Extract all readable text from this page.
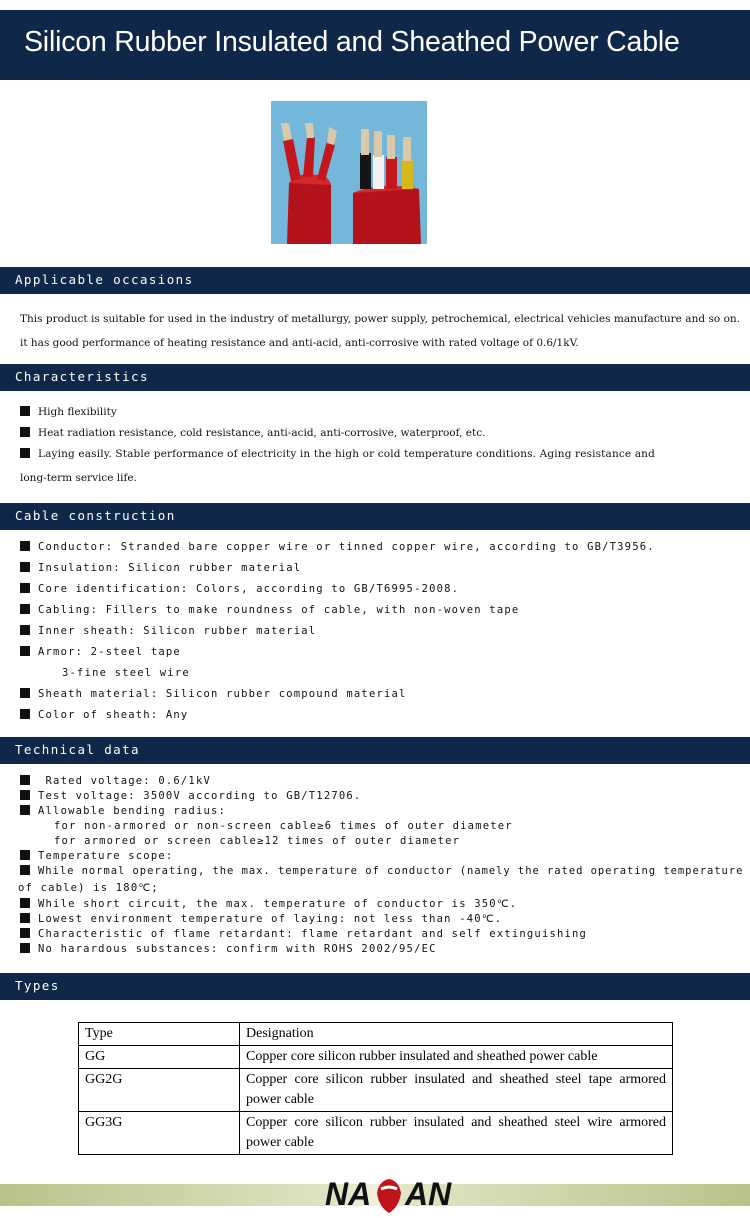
Silicon Rubber Insulated and Sheathed Power Cable
Applicable occasions
This product is suitable for used in the industry of metallurgy, power supply, petrochemical, electrical vehicles manufacture and so on. it has good performance of heating resistance and anti-acid, anti-corrosive with rated voltage of 0.6/1kV.
Characteristics
High flexibility
Heat radiation resistance, cold resistance, anti-acid, anti-corrosive, waterproof, etc.
Laying easily. Stable performance of electricity in the high or cold temperature conditions. Aging resistance and
long-term service life.
Cable construction
Conductor: Stranded bare copper wire or tinned copper wire, according to GB/T3956.
Insulation: Silicon rubber material
Core identification: Colors, according to GB/T6995-2008.
Cabling: Fillers to make roundness of cable, with non-woven tape
Inner sheath: Silicon rubber material
Armor: 2-steel tape
3-fine steel wire
Sheath material: Silicon rubber compound material
Color of sheath: Any
Technical data
Rated voltage: 0.6/1kV
Test voltage: 3500V according to GB/T12706.
Allowable bending radius:
for non-armored or non-screen cable≥6 times of outer diameter
for armored or screen cable≥12 times of outer diameter
Temperature scope:
While normal operating, the max. temperature of conductor (namely the rated operating temperature
of cable) is 180℃;
While short circuit, the max. temperature of conductor is 350℃.
Lowest environment temperature of laying: not less than -40℃.
Characteristic of flame retardant: flame retardant and self extinguishing
No harardous substances: confirm with ROHS 2002/95/EC
Types
Type	Designation
GG	Copper core silicon rubber insulated and sheathed power cable
GG2G	Copper core silicon rubber insulated and sheathed steel tape armored power cable
GG3G	Copper core silicon rubber insulated and sheathed steel wire armored power cable
NA AN
